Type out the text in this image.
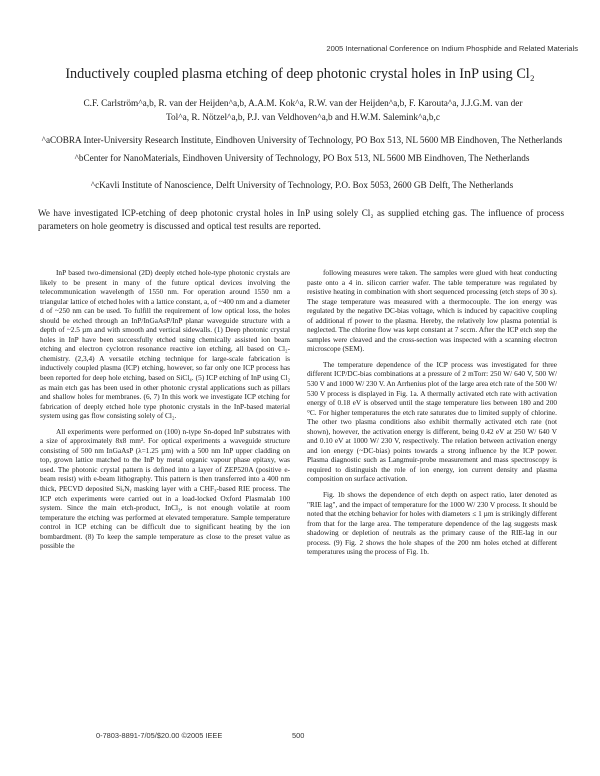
2005 International Conference on Indium Phosphide and Related Materials
Inductively coupled plasma etching of deep photonic crystal holes in InP using Cl₂
C.F. Carlström^a,b, R. van der Heijden^a,b, A.A.M. Kok^a, R.W. van der Heijden^a,b, F. Karouta^a, J.J.G.M. van der
Tol^a, R. Nötzel^a,b, P.J. van Veldhoven^a,b and H.W.M. Salemink^a,b,c
^aCOBRA Inter-University Research Institute, Eindhoven University of Technology, PO Box 513, NL 5600 MB Eindhoven, The Netherlands
^bCenter for NanoMaterials, Eindhoven University of Technology, PO Box 513, NL 5600 MB Eindhoven, The Netherlands
^cKavli Institute of Nanoscience, Delft University of Technology, P.O. Box 5053, 2600 GB Delft, The Netherlands
We have investigated ICP-etching of deep photonic crystal holes in InP using solely Cl₂ as supplied etching gas. The influence of process parameters on hole geometry is discussed and optical test results are reported.

InP based two-dimensional (2D) deeply etched hole-type photonic crystals are likely to be present in many of the future optical devices involving the telecommunication wavelength of 1550 nm. For operation around 1550 nm a triangular lattice of etched holes with a lattice constant, a, of ~400 nm and a diameter d of ~250 nm can be used. To fulfill the requirement of low optical loss, the holes should be etched through an InP/InGaAsP/InP planar waveguide structure with a depth of ~2.5 µm and with smooth and vertical sidewalls. (1) Deep photonic crystal holes in InP have been successfully etched using chemically assisted ion beam etching and electron cyclotron resonance reactive ion etching, all based on Cl₂-chemistry. (2,3,4) A versatile etching technique for large-scale fabrication is inductively coupled plasma (ICP) etching, however, so far only one ICP process has been reported for deep hole etching, based on SiCl₄. (5) ICP etching of InP using Cl₂ as main etch gas has been used in other photonic crystal applications such as pillars and shallow holes for membranes. (6, 7) In this work we investigate ICP etching for fabrication of deeply etched hole type photonic crystals in the InP-based material system using gas flow consisting solely of Cl₂.

All experiments were performed on (100) n-type Sn-doped InP substrates with a size of approximately 8x8 mm². For optical experiments a waveguide structure consisting of 500 nm InGaAsP (λ=1.25 µm) with a 500 nm InP upper cladding on top, grown lattice matched to the InP by metal organic vapour phase epitaxy, was used. The photonic crystal pattern is defined into a layer of ZEP520A (positive e-beam resist) with e-beam lithography. This pattern is then transferred into a 400 nm thick, PECVD deposited SiₓNᵧ masking layer with a CHF₃-based RIE process. The ICP etch experiments were carried out in a load-locked Oxford Plasmalab 100 system. Since the main etch-product, InCl₃, is not enough volatile at room temperature the etching was performed at elevated temperature. Sample temperature control in ICP etching can be difficult due to significant heating by the ion bombardment. (8) To keep the sample temperature as close to the preset value as possible the

following measures were taken. The samples were glued with heat conducting paste onto a 4 in. silicon carrier wafer. The table temperature was regulated by resistive heating in combination with short sequenced processing (etch steps of 30 s). The stage temperature was measured with a thermocouple. The ion energy was regulated by the negative DC-bias voltage, which is induced by capacitive coupling of additional rf power to the plasma. Hereby, the relatively low plasma potential is neglected. The chlorine flow was kept constant at 7 sccm. After the ICP etch step the samples were cleaved and the cross-section was inspected with a scanning electron microscope (SEM).

The temperature dependence of the ICP process was investigated for three different ICP/DC-bias combinations at a pressure of 2 mTorr: 250 W/ 640 V, 500 W/ 530 V and 1000 W/ 230 V. An Arrhenius plot of the large area etch rate of the 500 W/ 530 V process is displayed in Fig. 1a. A thermally activated etch rate with activation energy of 0.18 eV is observed until the stage temperature lies between 180 and 200 °C. For higher temperatures the etch rate saturates due to limited supply of chlorine. The other two plasma conditions also exhibit thermally activated etch rate (not shown), however, the activation energy is different, being 0.42 eV at 250 W/ 640 V and 0.10 eV at 1000 W/ 230 V, respectively. The relation between activation energy and ion energy (~DC-bias) points towards a strong influence by the ICP power. Plasma diagnostic such as Langmuir-probe measurement and mass spectroscopy is required to distinguish the role of ion energy, ion current density and plasma composition on surface activation.

Fig. 1b shows the dependence of etch depth on aspect ratio, later denoted as "RIE lag", and the impact of temperature for the 1000 W/ 230 V process. It should be noted that the etching behavior for holes with diameters ≤ 1 µm is strikingly different from that for the large area. The temperature dependence of the lag suggests mask shadowing or depletion of neutrals as the primary cause of the RIE-lag in our process. (9) Fig. 2 shows the hole shapes of the 200 nm holes etched at different temperatures using the process of Fig. 1b.

0-7803-8891-7/05/$20.00 ©2005 IEEE	500
